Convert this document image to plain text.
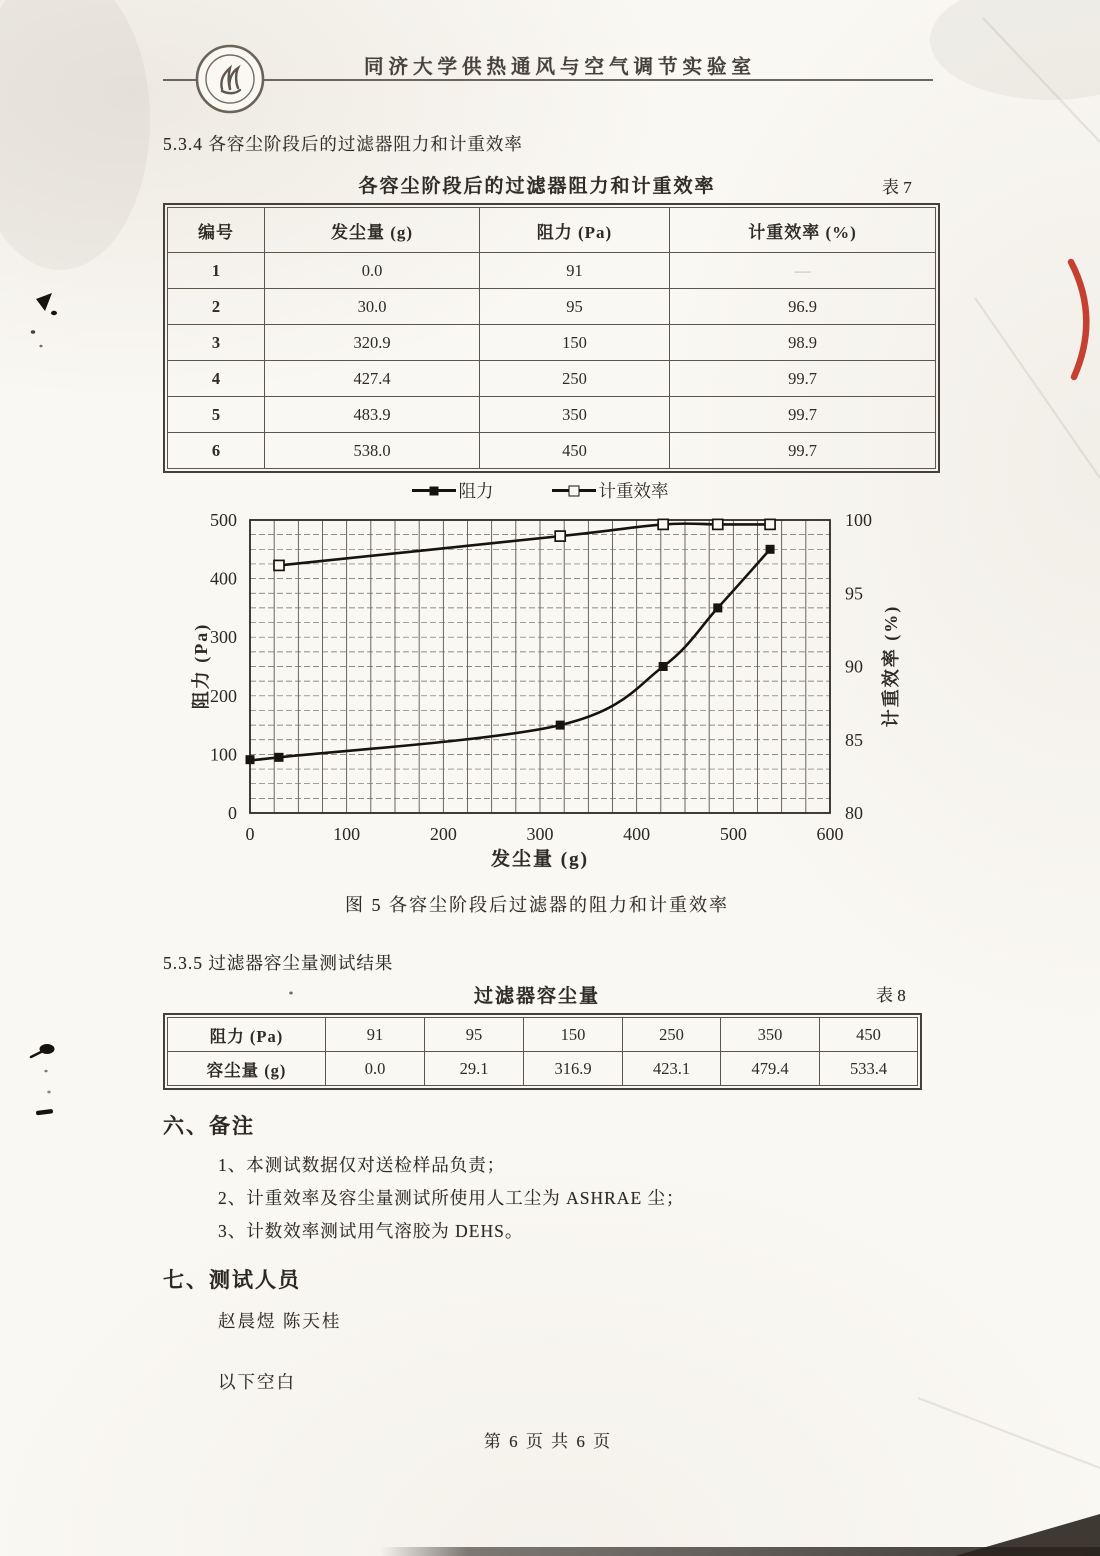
同济大学供热通风与空气调节实验室
5.3.4 各容尘阶段后的过滤器阻力和计重效率
各容尘阶段后的过滤器阻力和计重效率	表 7
编号	发尘量 (g)	阻力 (Pa)	计重效率 (%)
1	0.0	91	—
2	30.0	95	96.9
3	320.9	150	98.9
4	427.4	250	99.7
5	483.9	350	99.7
6	538.0	450	99.7
阻力	计重效率
0	100	200	300	400	500	600
0
100
200
300
400
500
80
85
90
95
100
阻力 (Pa)	计重效率 (%)
发尘量 (g)
图 5 各容尘阶段后过滤器的阻力和计重效率
5.3.5 过滤器容尘量测试结果
过滤器容尘量	表 8
阻力 (Pa)	91	95	150	250	350	450
容尘量 (g)	0.0	29.1	316.9	423.1	479.4	533.4
六、备注
1、本测试数据仅对送检样品负责；
2、计重效率及容尘量测试所使用人工尘为 ASHRAE 尘；
3、计数效率测试用气溶胶为 DEHS。
七、测试人员
赵晨煜 陈天桂
以下空白
第 6 页 共 6 页
